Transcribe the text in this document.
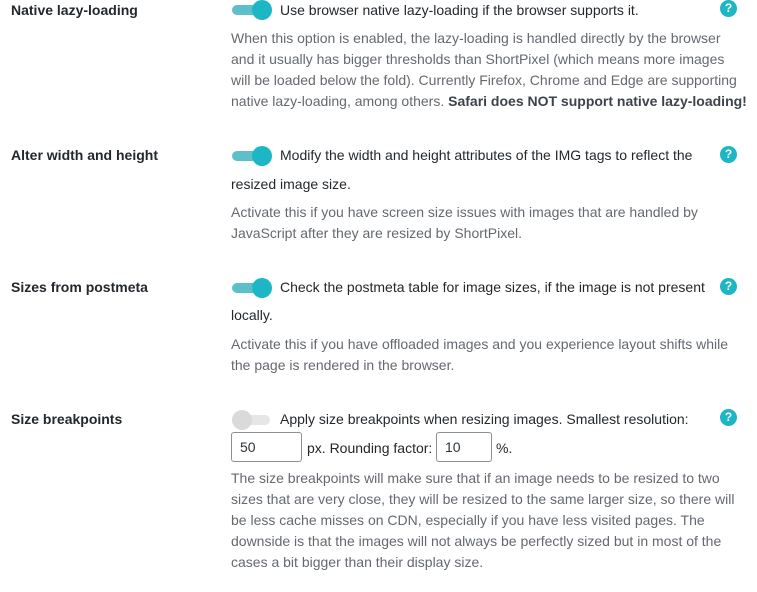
Native lazy-loading	Use browser native lazy-loading if the browser supports it.	?
When this option is enabled, the lazy-loading is handled directly by the browser
and it usually has bigger thresholds than ShortPixel (which means more images
will be loaded below the fold). Currently Firefox, Chrome and Edge are supporting
native lazy-loading, among others. Safari does NOT support native lazy-loading!
Alter width and height	Modify the width and height attributes of the IMG tags to reflect the	?
resized image size.
Activate this if you have screen size issues with images that are handled by
JavaScript after they are resized by ShortPixel.
Sizes from postmeta	Check the postmeta table for image sizes, if the image is not present	?
locally.
Activate this if you have offloaded images and you experience layout shifts while
the page is rendered in the browser.
Size breakpoints	Apply size breakpoints when resizing images. Smallest resolution:	?
50
px. Rounding factor:
10	%.
The size breakpoints will make sure that if an image needs to be resized to two
sizes that are very close, they will be resized to the same larger size, so there will
be less cache misses on CDN, especially if you have less visited pages. The
downside is that the images will not always be perfectly sized but in most of the
cases a bit bigger than their display size.
